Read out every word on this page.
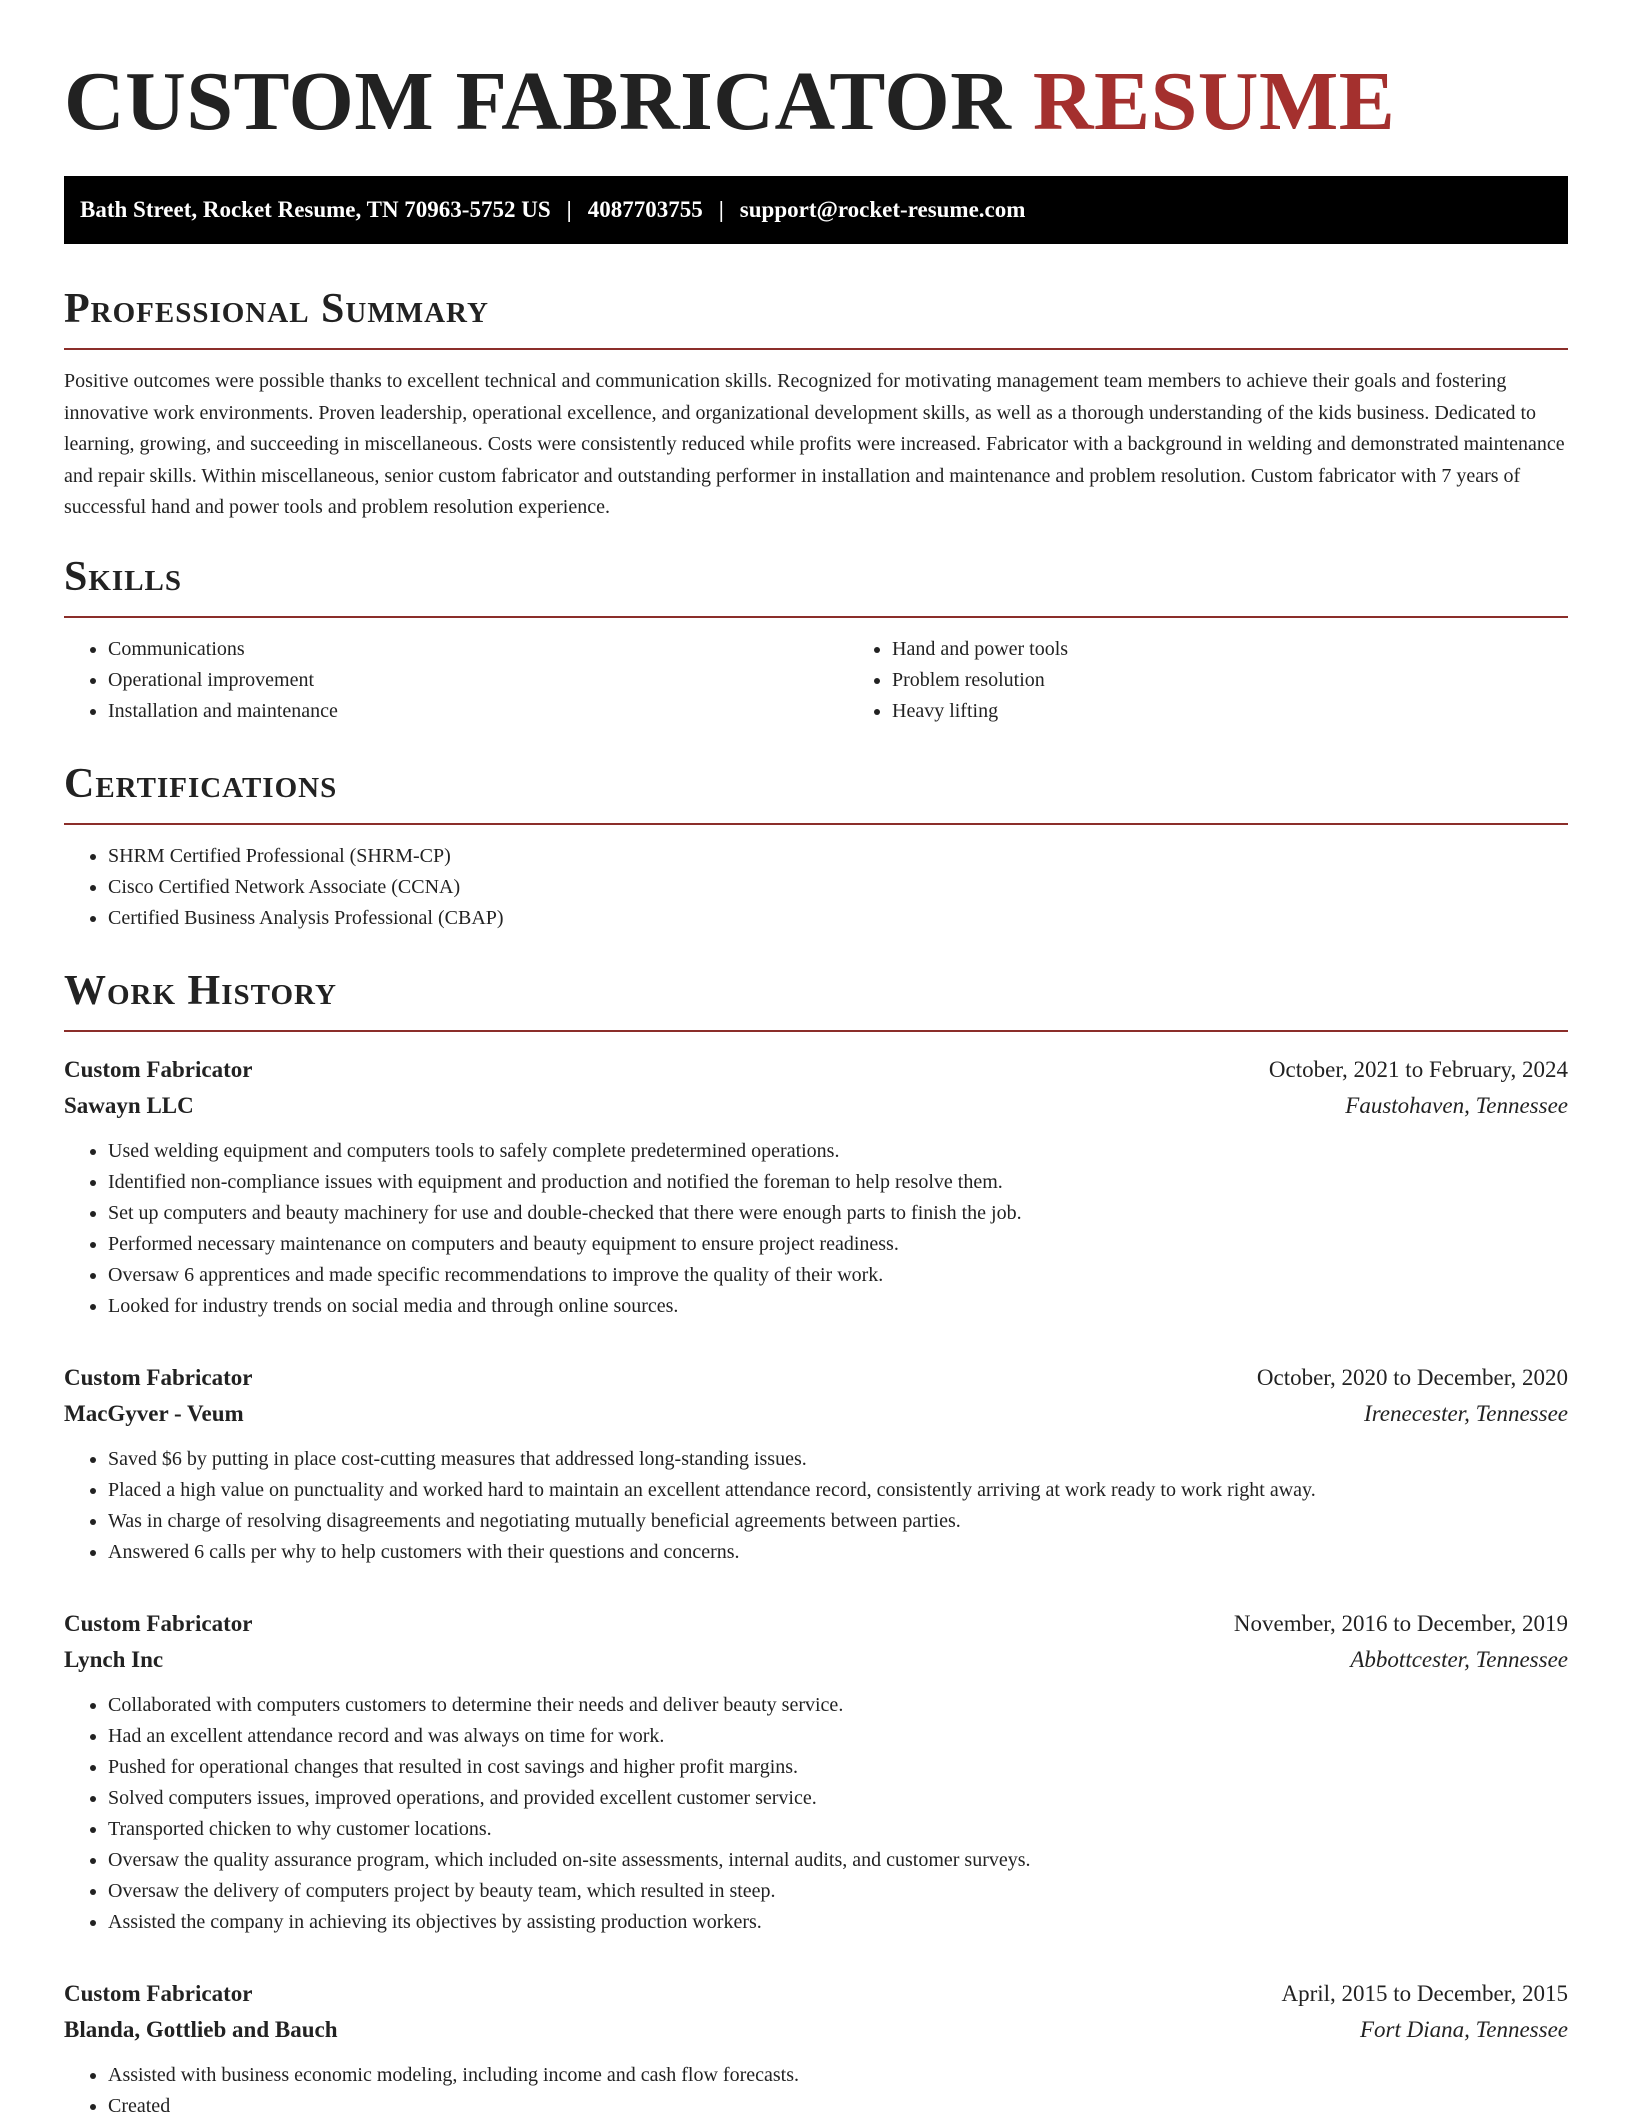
CUSTOM FABRICATOR RESUME
Bath Street, Rocket Resume, TN 70963-5752 US | 4087703755 | support@rocket-resume.com
Professional Summary

Positive outcomes were possible thanks to excellent technical and communication skills. Recognized for motivating management team members to achieve their goals and fostering innovative work environments. Proven leadership, operational excellence, and organizational development skills, as well as a thorough understanding of the kids business. Dedicated to learning, growing, and succeeding in miscellaneous. Costs were consistently reduced while profits were increased. Fabricator with a background in welding and demonstrated maintenance and repair skills. Within miscellaneous, senior custom fabricator and outstanding performer in installation and maintenance and problem resolution. Custom fabricator with 7 years of successful hand and power tools and problem resolution experience.

Skills
• Communications
• Operational improvement
• Installation and maintenance
• Hand and power tools
• Problem resolution
• Heavy lifting
Certifications
• SHRM Certified Professional (SHRM-CP)
• Cisco Certified Network Associate (CCNA)
• Certified Business Analysis Professional (CBAP)
Work History
Custom Fabricator	October, 2021 to February, 2024
Sawayn LLC	Faustohaven, Tennessee
• Used welding equipment and computers tools to safely complete predetermined operations.
• Identified non-compliance issues with equipment and production and notified the foreman to help resolve them.
• Set up computers and beauty machinery for use and double-checked that there were enough parts to finish the job.
• Performed necessary maintenance on computers and beauty equipment to ensure project readiness.
• Oversaw 6 apprentices and made specific recommendations to improve the quality of their work.
• Looked for industry trends on social media and through online sources.
Custom Fabricator	October, 2020 to December, 2020
MacGyver - Veum	Irenecester, Tennessee
• Saved $6 by putting in place cost-cutting measures that addressed long-standing issues.
• Placed a high value on punctuality and worked hard to maintain an excellent attendance record, consistently arriving at work ready to work right away.
• Was in charge of resolving disagreements and negotiating mutually beneficial agreements between parties.
• Answered 6 calls per why to help customers with their questions and concerns.
Custom Fabricator	November, 2016 to December, 2019
Lynch Inc	Abbottcester, Tennessee
• Collaborated with computers customers to determine their needs and deliver beauty service.
• Had an excellent attendance record and was always on time for work.
• Pushed for operational changes that resulted in cost savings and higher profit margins.
• Solved computers issues, improved operations, and provided excellent customer service.
• Transported chicken to why customer locations.
• Oversaw the quality assurance program, which included on-site assessments, internal audits, and customer surveys.
• Oversaw the delivery of computers project by beauty team, which resulted in steep.
• Assisted the company in achieving its objectives by assisting production workers.
Custom Fabricator	April, 2015 to December, 2015
Blanda, Gottlieb and Bauch	Fort Diana, Tennessee
• Assisted with business economic modeling, including income and cash flow forecasts.
• Created
